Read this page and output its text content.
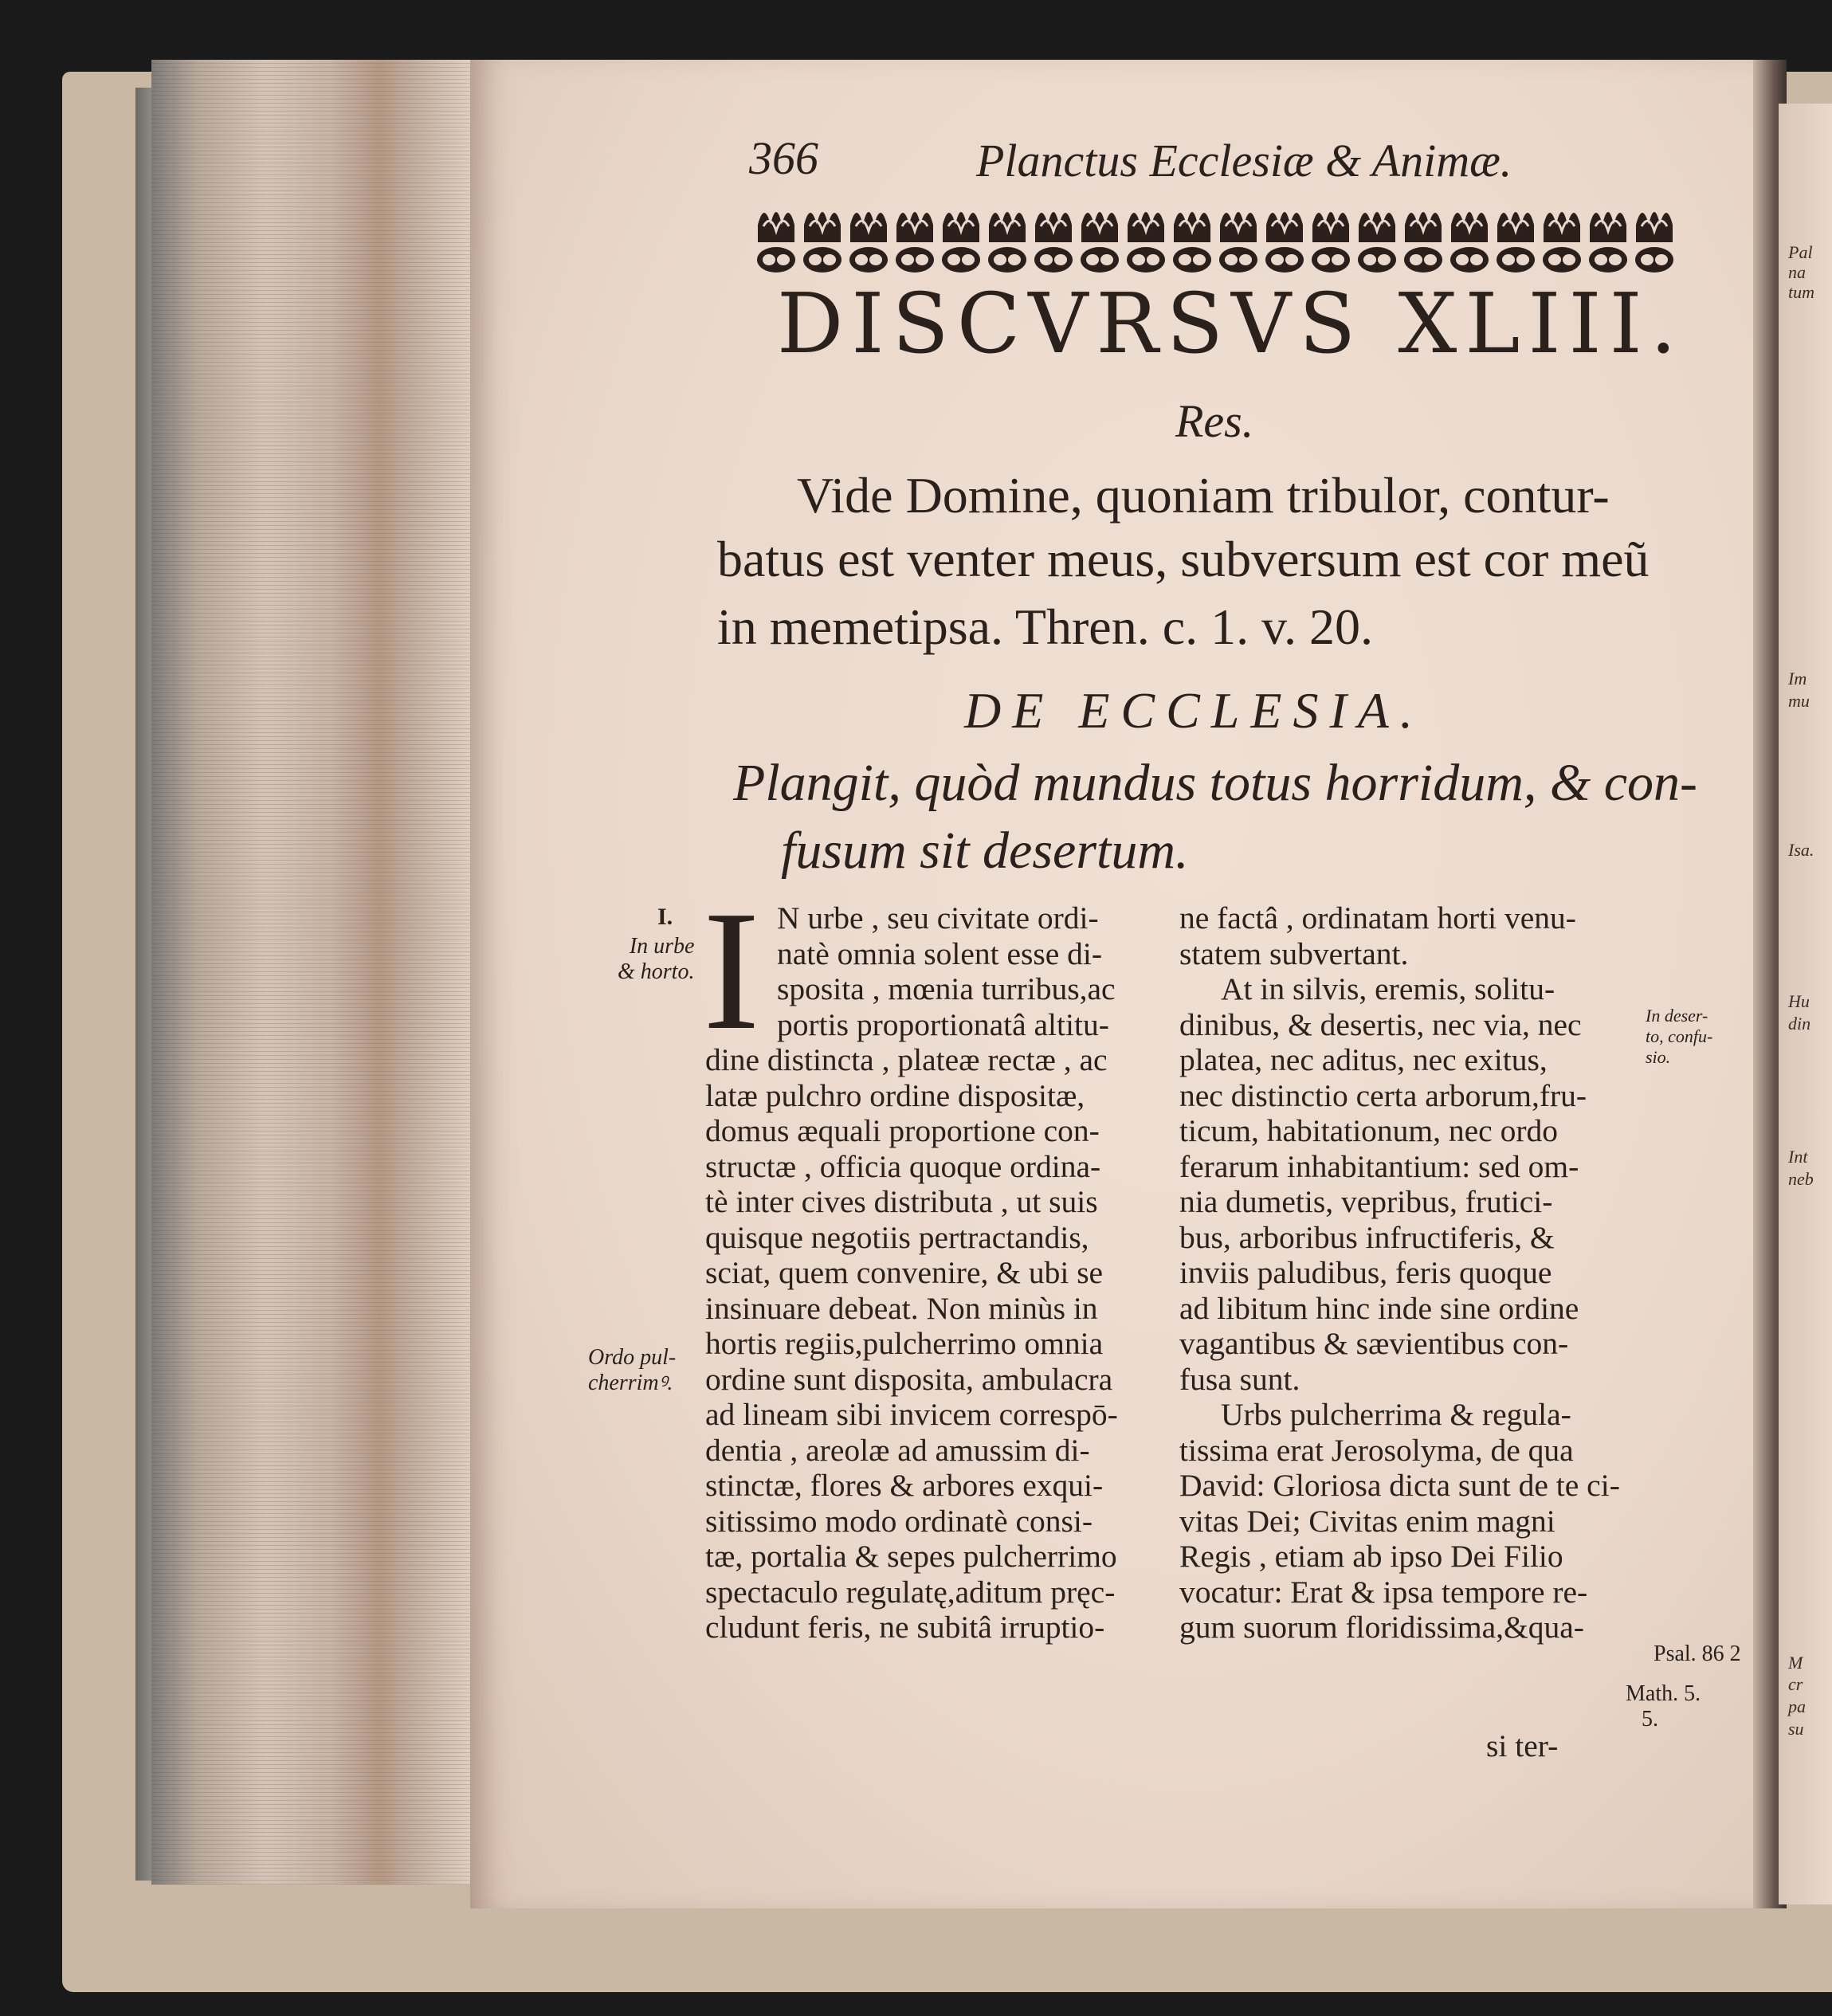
Pal
na
tum
Im
mu
Isa.
Hu
din
Int
neb
M
cr
pa
su
366	Planctus Ecclesiæ & Animæ.
DISCVRSVS XLIII.
Res.
Vide Domine, quoniam tribulor, contur-
batus est venter meus, subversum est cor meũ
in memetipsa. Thren. c. 1. v. 20.
DE ECCLESIA.
Plangit, quòd mundus totus horridum, & con-
fusum sit desertum.
I N urbe , seu civitate ordi-
natè omnia solent esse di-
sposita , mœnia turribus,ac
portis proportionatâ altitu-
dine distincta , plateæ rectæ , ac
latæ pulchro ordine dispositæ,
domus æquali proportione con-
structæ , officia quoque ordina-
tè inter cives distributa , ut suis
quisque negotiis pertractandis,
sciat, quem convenire, & ubi se
insinuare debeat. Non minùs in
hortis regiis,pulcherrimo omnia
ordine sunt disposita, ambulacra
ad lineam sibi invicem correspō-
dentia , areolæ ad amussim di-
stinctæ, flores & arbores exqui-
sitissimo modo ordinatè consi-
tæ, portalia & sepes pulcherrimo
spectaculo regulatę,aditum pręc-
cludunt feris, ne subitâ irruptio-
ne factâ , ordinatam horti venu-
statem subvertant.
At in silvis, eremis, solitu-
dinibus, & desertis, nec via, nec
platea, nec aditus, nec exitus,
nec distinctio certa arborum,fru-
ticum, habitationum, nec ordo
ferarum inhabitantium: sed om-
nia dumetis, vepribus, frutici-
bus, arboribus infructiferis, &
inviis paludibus, feris quoque
ad libitum hinc inde sine ordine
vagantibus & sævientibus con-
fusa sunt.
Urbs pulcherrima & regula-
tissima erat Jerosolyma, de qua
David: Gloriosa dicta sunt de te ci-
vitas Dei; Civitas enim magni
Regis , etiam ab ipso Dei Filio
vocatur: Erat & ipsa tempore re-
gum suorum floridissima,&qua-
si ter-
I.
In urbe
& horto.
Ordo pul-
cherrimꝰ.
In deser-
to, confu-
sio.
Psal. 86 2
Math. 5.
5.
